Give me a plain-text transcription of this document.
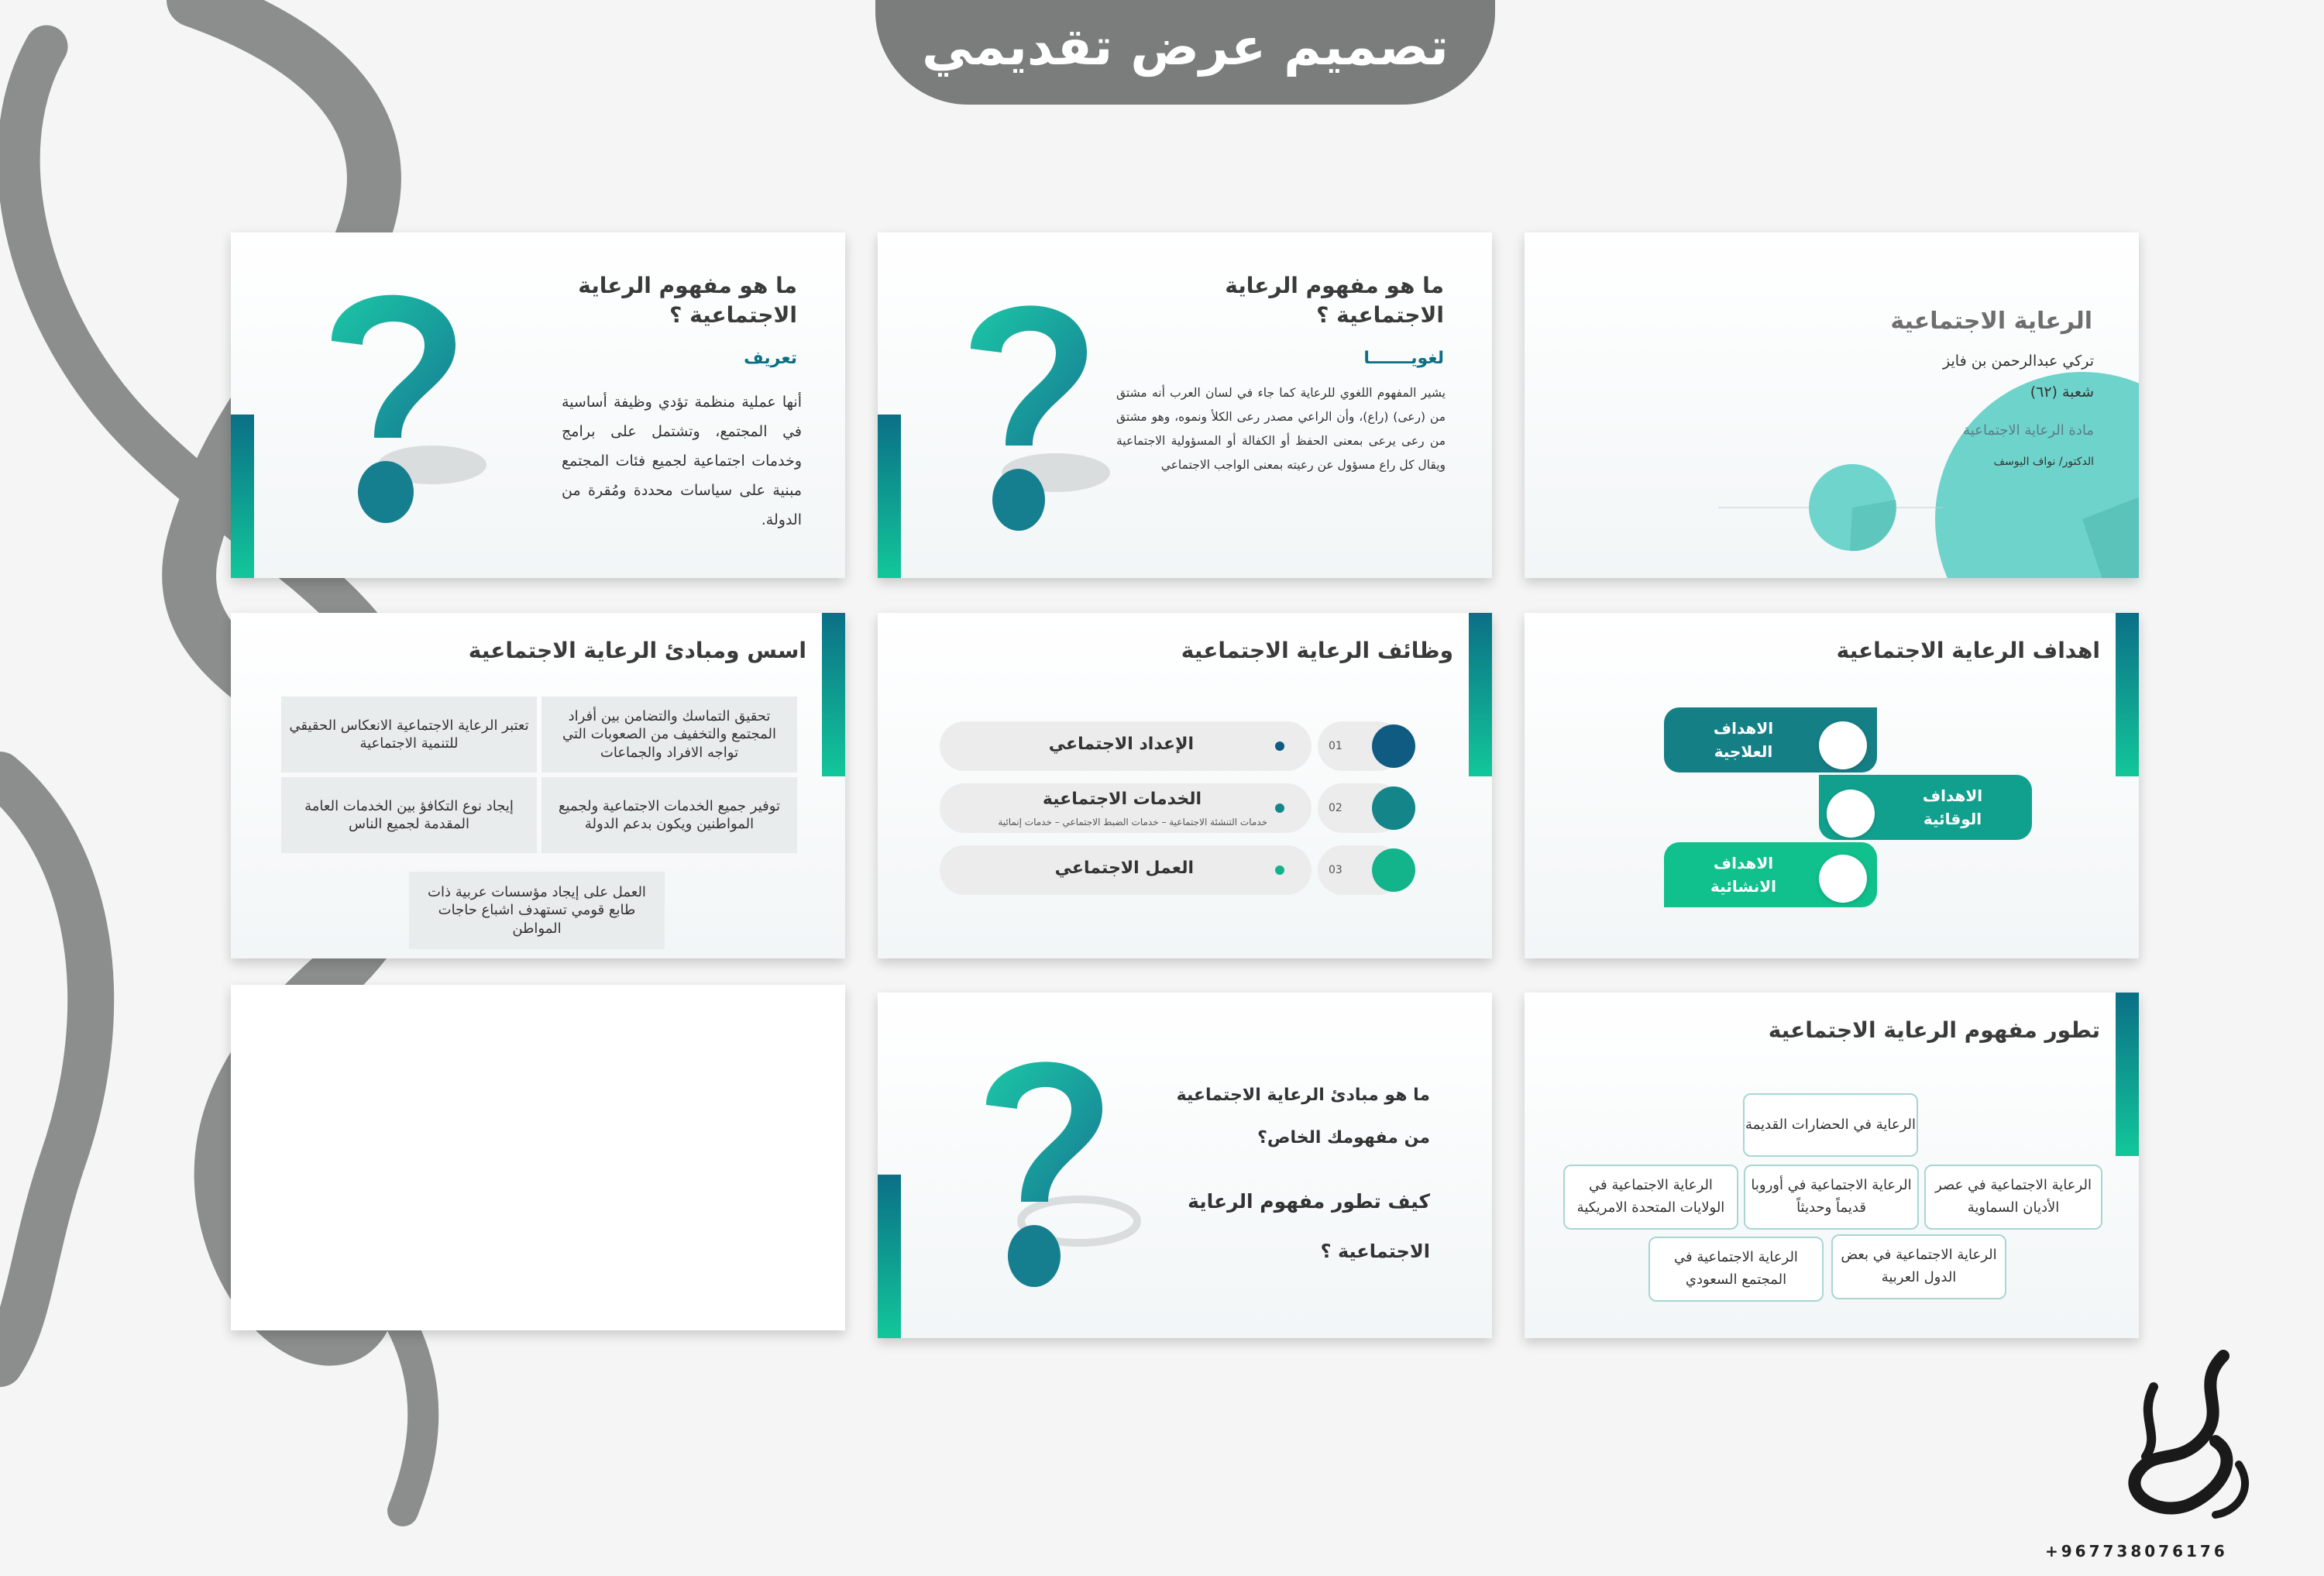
تصميم عرض تقديمي
الرعاية الاجتماعية
تركي عبدالرحمن بن فايز
شعبة (٦٢)
مادة الرعاية الاجتماعية
الدكتور/ نواف اليوسف
ما هو مفهوم الرعاية الاجتماعية ؟
لغويـــــــا
يشير المفهوم اللغوي للرعاية كما جاء في لسان العرب أنه مشتق من (رعى) (راع)، وأن الراعي مصدر رعى الكلأ ونموه، وهو مشتق من رعى يرعى بمعنى الحفظ أو الكفالة أو المسؤولية الاجتماعية ويقال كل راع مسؤول عن رعيته بمعنى الواجب الاجتماعي
ما هو مفهوم الرعاية الاجتماعية ؟
تعريف
أنها عملية منظمة تؤدي وظيفة أساسية في المجتمع، وتشتمل على برامج وخدمات اجتماعية لجميع فئات المجتمع مبنية على سياسات محددة ومُقرة من الدولة.
اهداف الرعاية الاجتماعية
الاهداف العلاجية
الاهداف الوقائية
الاهداف الانشائية
وظائف الرعاية الاجتماعية
الإعداد الاجتماعي	01
الخدمات الاجتماعية
خدمات التنشئة الاجتماعية – خدمات الضبط الاجتماعي – خدمات إنمائية
02
العمل الاجتماعي	03
اسس ومبادئ الرعاية الاجتماعية
تحقيق التماسك والتضامن بين أفراد المجتمع والتخفيف من الصعوبات التي تواجه الافراد والجماعات
تعتبر الرعاية الاجتماعية الانعكاس الحقيقي للتنمية الاجتماعية
توفير جميع الخدمات الاجتماعية ولجميع المواطنين ويكون بدعم الدولة
إيجاد نوع التكافؤ بين الخدمات العامة المقدمة لجميع الناس
العمل على إيجاد مؤسسات عربية ذات طابع قومي تستهدف اشباع حاجات المواطن
تطور مفهوم الرعاية الاجتماعية
الرعاية في الحضارات القديمة
الرعاية الاجتماعية في عصر الأديان السماوية
الرعاية الاجتماعية في أوروبا قديماً وحديثاً
الرعاية الاجتماعية في الولايات المتحدة الامريكية
الرعاية الاجتماعية في بعض الدول العربية
الرعاية الاجتماعية في المجتمع السعودي
ما هو مبادئ الرعاية الاجتماعية
من مفهومك الخاص؟
كيف تطور مفهوم الرعاية
الاجتماعية ؟
+967738076176
